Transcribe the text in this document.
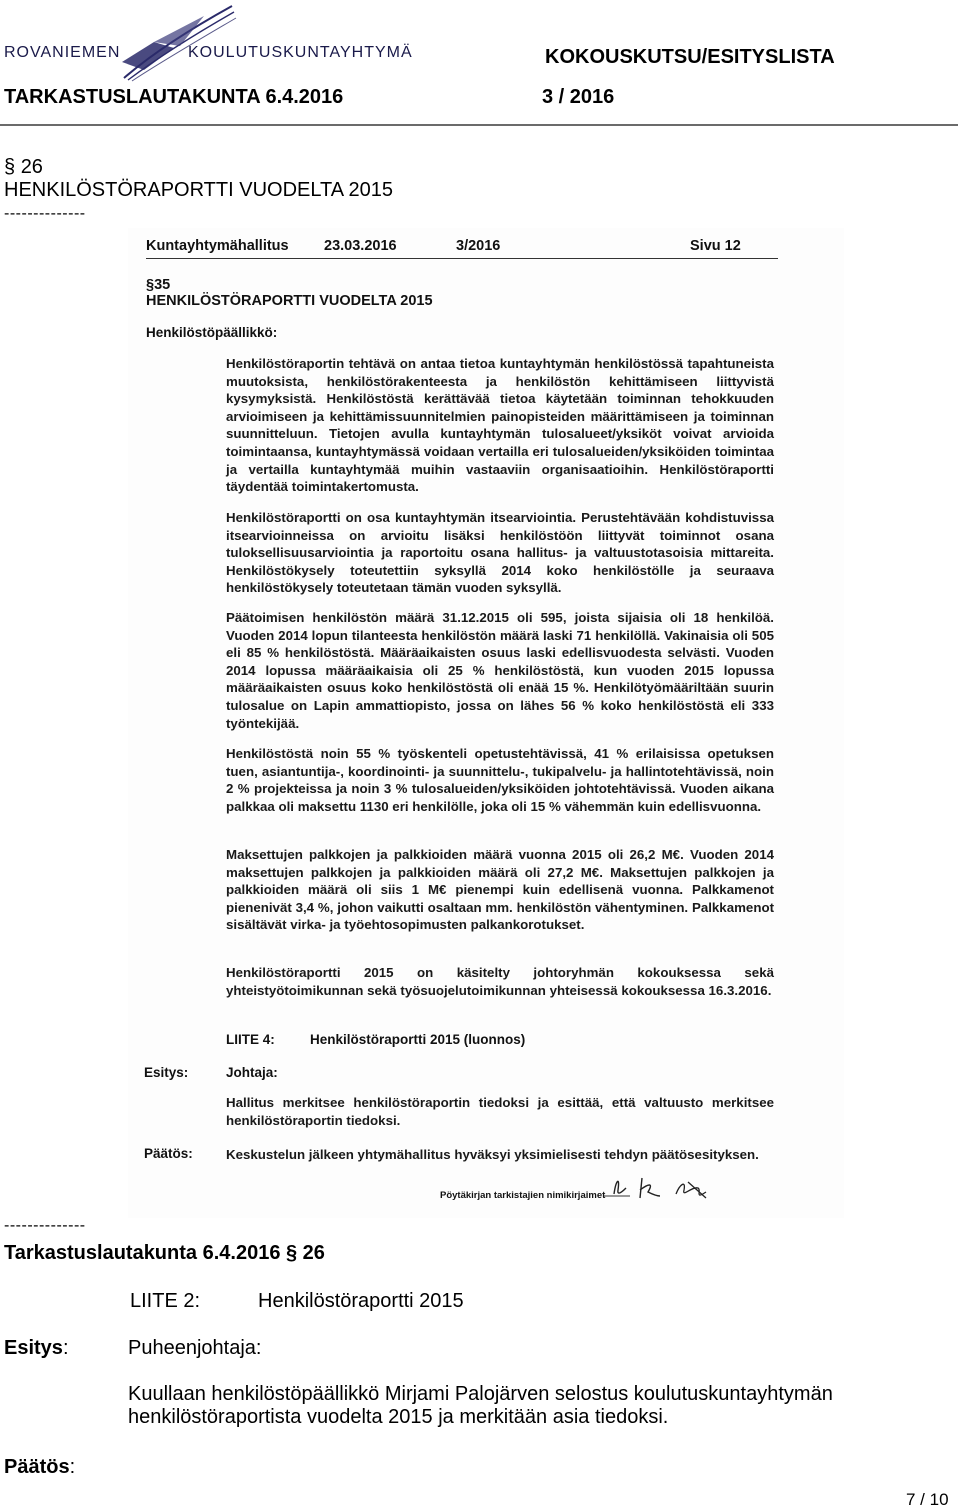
ROVANIEMEN	KOULUTUSKUNTAYHTYMÄ	KOKOUSKUTSU/ESITYSLISTA
TARKASTUSLAUTAKUNTA 6.4.2016	3 / 2016
§ 26
HENKILÖSTÖRAPORTTI VUODELTA 2015
--------------
Kuntayhtymähallitus 23.03.2016	3/2016	Sivu 12
§35
HENKILÖSTÖRAPORTTI VUODELTA 2015
Henkilöstöpäällikkö:
Henkilöstöraportin tehtävä on antaa tietoa kuntayhtymän henkilöstössä tapahtuneista muutoksista, henkilöstörakenteesta ja henkilöstön kehittämiseen liittyvistä kysymyksistä. Henkilöstöstä kerättävää tietoa käytetään toiminnan tehokkuuden arvioimiseen ja kehittämissuunnitelmien painopisteiden määrittämiseen ja toiminnan suunnitteluun. Tietojen avulla kuntayhtymän tulosalueet/yksiköt voivat arvioida toimintaansa, kuntayhtymässä voidaan vertailla eri tulosalueiden/yksiköiden toimintaa ja vertailla kuntayhtymää muihin vastaaviin organisaatioihin. Henkilöstöraportti täydentää toimintakertomusta.
Henkilöstöraportti on osa kuntayhtymän itsearviointia. Perustehtävään kohdistuvissa itsearvioinneissa on arvioitu lisäksi henkilöstöön liittyvät toiminnot osana tuloksellisuusarviointia ja raportoitu osana hallitus- ja valtuustotasoisia mittareita. Henkilöstökysely toteutettiin syksyllä 2014 koko henkilöstölle ja seuraava henkilöstökysely toteutetaan tämän vuoden syksyllä.
Päätoimisen henkilöstön määrä 31.12.2015 oli 595, joista sijaisia oli 18 henkilöä. Vuoden 2014 lopun tilanteesta henkilöstön määrä laski 71 henkilöllä. Vakinaisia oli 505 eli 85 % henkilöstöstä. Määräaikaisten osuus laski edellisvuodesta selvästi. Vuoden 2014 lopussa määräaikaisia oli 25 % henkilöstöstä, kun vuoden 2015 lopussa määräaikaisten osuus koko henkilöstöstä oli enää 15 %. Henkilötyömääriltään suurin tulosalue on Lapin ammattiopisto, jossa on lähes 56 % koko henkilöstöstä eli 333 työntekijää.
Henkilöstöstä noin 55 % työskenteli opetustehtävissä, 41 % erilaisissa opetuksen tuen, asiantuntija-, koordinointi- ja suunnittelu-, tukipalvelu- ja hallintotehtävissä, noin 2 % projekteissa ja noin 3 % tulosalueiden/yksiköiden johtotehtävissä. Vuoden aikana palkkaa oli maksettu 1130 eri henkilölle, joka oli 15 % vähemmän kuin edellisvuonna.
Maksettujen palkkojen ja palkkioiden määrä vuonna 2015 oli 26,2 M€. Vuoden 2014 maksettujen palkkojen ja palkkioiden määrä oli 27,2 M€. Maksettujen palkkojen ja palkkioiden määrä oli siis 1 M€ pienempi kuin edellisenä vuonna. Palkkamenot pienenivät 3,4 %, johon vaikutti osaltaan mm. henkilöstön vähentyminen. Palkkamenot sisältävät virka- ja työehtosopimusten palkankorotukset.
Henkilöstöraportti 2015 on käsitelty johtoryhmän kokouksessa sekä yhteistyötoimikunnan sekä työsuojelutoimikunnan yhteisessä kokouksessa 16.3.2016.
LIITE 4:	Henkilöstöraportti 2015 (luonnos)
Esitys:	Johtaja:
Hallitus merkitsee henkilöstöraportin tiedoksi ja esittää, että valtuusto merkitsee henkilöstöraportin tiedoksi.
Päätös: Keskustelun jälkeen yhtymähallitus hyväksyi yksimielisesti tehdyn päätösesityksen.
Pöytäkirjan tarkistajien nimikirjaimet
--------------
Tarkastuslautakunta 6.4.2016 § 26
LIITE 2:	Henkilöstöraportti 2015
Esitys:	Puheenjohtaja:
Kuullaan henkilöstöpäällikkö Mirjami Palojärven selostus koulutuskuntayhtymän henkilöstöraportista vuodelta 2015 ja merkitään asia tiedoksi.
Päätös:
7 / 10
